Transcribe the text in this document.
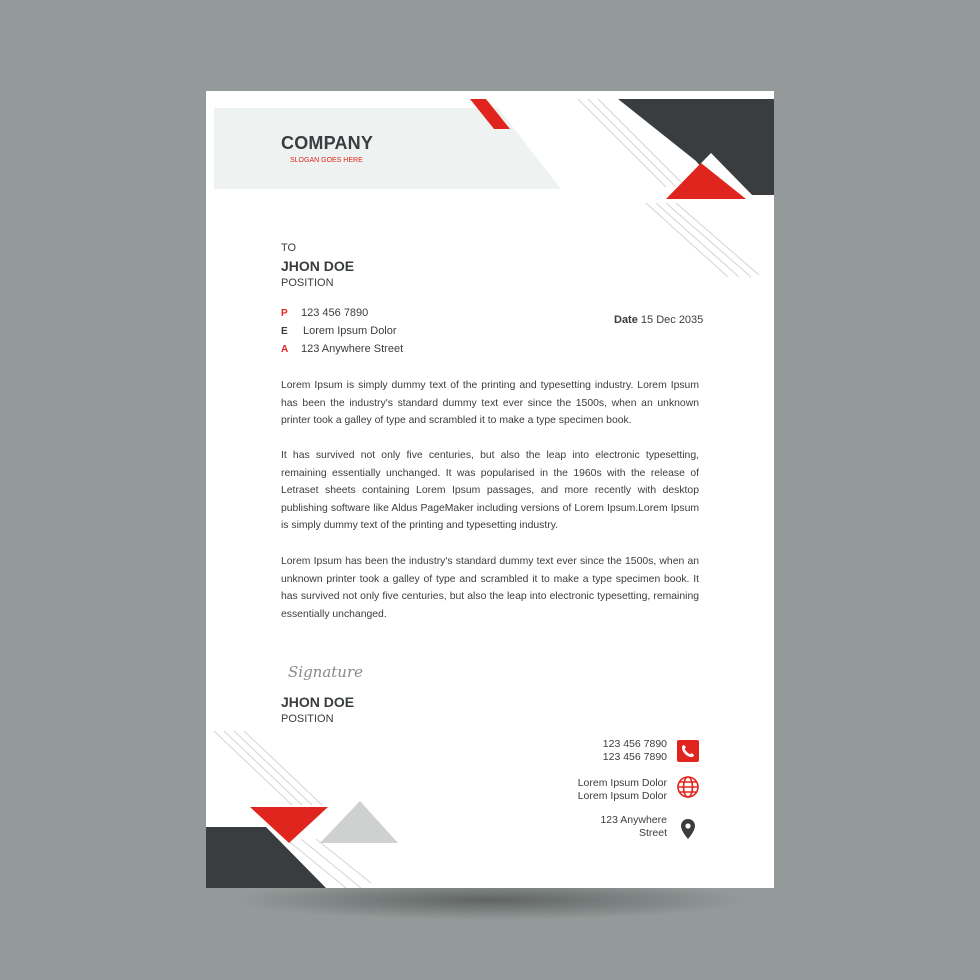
COMPANY
SLOGAN GOES HERE
TO
JHON DOE
POSITION
P 123 456 7890
E Lorem Ipsum Dolor
A 123 Anywhere Street
Date 15 Dec 2035
Lorem Ipsum is simply dummy text of the printing and typesetting industry. Lorem Ipsum has been the industry's standard dummy text ever since the 1500s, when an unknown printer took a galley of type and scrambled it to make a type specimen book.
It has survived not only five centuries, but also the leap into electronic typesetting, remaining essentially unchanged. It was popularised in the 1960s with the release of Letraset sheets containing Lorem Ipsum passages, and more recently with desktop publishing software like Aldus PageMaker including versions of Lorem Ipsum.Lorem Ipsum is simply dummy text of the printing and typesetting industry.
Lorem Ipsum has been the industry's standard dummy text ever since the 1500s, when an unknown printer took a galley of type and scrambled it to make a type specimen book. It has survived not only five centuries, but also the leap into electronic typesetting, remaining essentially unchanged.
Signature
JHON DOE
POSITION
123 456 7890
123 456 7890
Lorem Ipsum Dolor
Lorem Ipsum Dolor
123 Anywhere
Street
